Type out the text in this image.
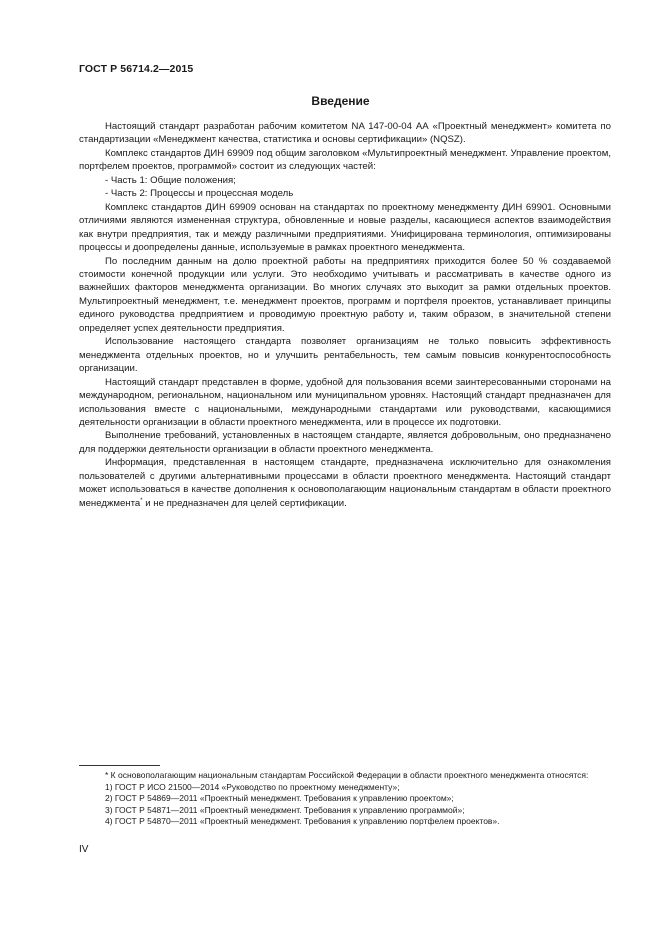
ГОСТ Р 56714.2—2015
Введение

Настоящий стандарт разработан рабочим комитетом NA 147-00-04 АА «Проектный менеджмент» комитета по стандартизации «Менеджмент качества, статистика и основы сертификации» (NQSZ).

Комплекс стандартов ДИН 69909 под общим заголовком «Мультипроектный менеджмент. Управление проектом, портфелем проектов, программой» состоит из следующих частей:

- Часть 1: Общие положения;

- Часть 2: Процессы и процессная модель

Комплекс стандартов ДИН 69909 основан на стандартах по проектному менеджменту ДИН 69901. Основными отличиями являются измененная структура, обновленные и новые разделы, касающиеся аспектов взаимодействия как внутри предприятия, так и между различными предприятиями. Унифицирована терминология, оптимизированы процессы и доопределены данные, используемые в рамках проектного менеджмента.

По последним данным на долю проектной работы на предприятиях приходится более 50 % создаваемой стоимости конечной продукции или услуги. Это необходимо учитывать и рассматривать в качестве одного из важнейших факторов менеджмента организации. Во многих случаях это выходит за рамки отдельных проектов. Мультипроектный менеджмент, т.е. менеджмент проектов, программ и портфеля проектов, устанавливает принципы единого руководства предприятием и проводимую проектную работу и, таким образом, в значительной степени определяет успех деятельности предприятия.

Использование настоящего стандарта позволяет организациям не только повысить эффективность менеджмента отдельных проектов, но и улучшить рентабельность, тем самым повысив конкурентоспособность организации.

Настоящий стандарт представлен в форме, удобной для пользования всеми заинтересованными сторонами на международном, региональном, национальном или муниципальном уровнях. Настоящий стандарт предназначен для использования вместе с национальными, международными стандартами или руководствами, касающимися деятельности организации в области проектного менеджмента, или в процессе их подготовки.

Выполнение требований, установленных в настоящем стандарте, является добровольным, оно предназначено для поддержки деятельности организации в области проектного менеджмента.

Информация, представленная в настоящем стандарте, предназначена исключительно для ознакомления пользователей с другими альтернативными процессами в области проектного менеджмента. Настоящий стандарт может использоваться в качестве дополнения к основополагающим национальным стандартам в области проектного менеджмента* и не предназначен для целей сертификации.

* К основополагающим национальным стандартам Российской Федерации в области проектного менеджмента относятся:

1) ГОСТ Р ИСО 21500—2014 «Руководство по проектному менеджменту»;

2) ГОСТ Р 54869—2011 «Проектный менеджмент. Требования к управлению проектом»;

3) ГОСТ Р 54871—2011 «Проектный менеджмент. Требования к управлению программой»;

4) ГОСТ Р 54870—2011 «Проектный менеджмент. Требования к управлению портфелем проектов».

IV
